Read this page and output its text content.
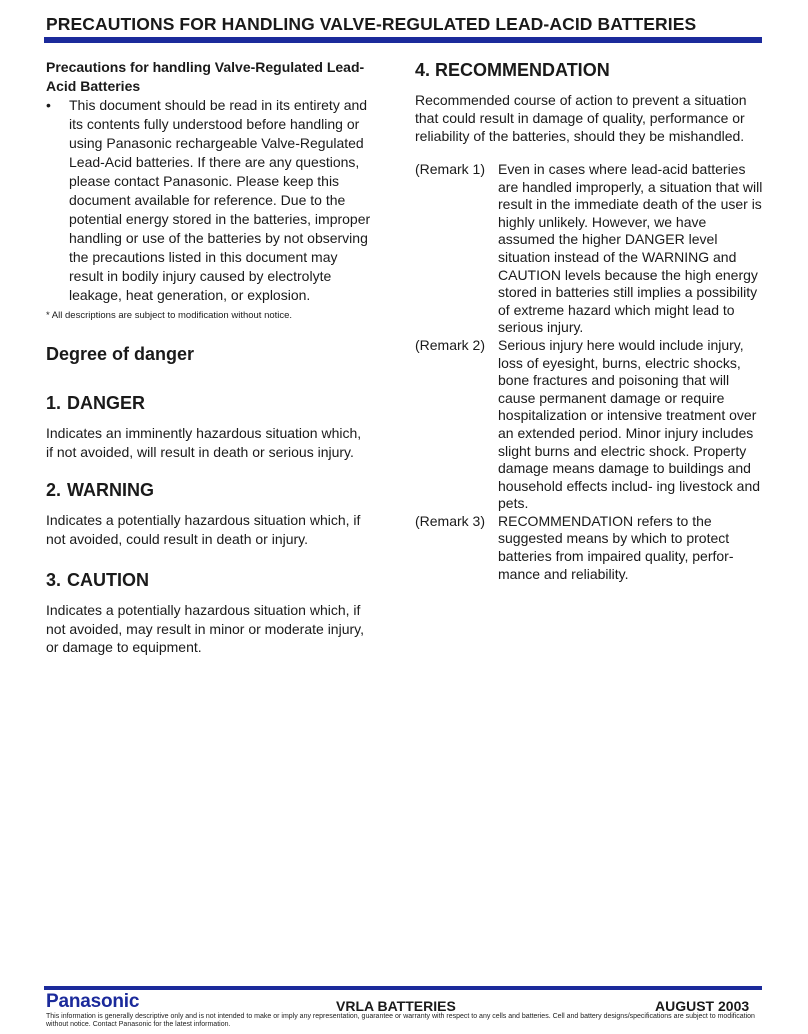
PRECAUTIONS FOR HANDLING VALVE-REGULATED LEAD-ACID BATTERIES

Precautions for handling Valve-Regulated Lead-Acid Batteries

•	This document should be read in its entirety and its contents fully understood before handling or using Panasonic rechargeable Valve-Regulated Lead-Acid batteries. If there are any questions, please contact Panasonic. Please keep this document available for reference. Due to the potential energy stored in the batteries, improper handling or use of the batteries by not observing the precautions listed in this document may result in bodily injury caused by electrolyte leakage, heat generation, or explosion.
* All descriptions are subject to modification without notice.
Degree of danger
1. DANGER

Indicates an imminently hazardous situation which, if not avoided, will result in death or serious injury.

2. WARNING

Indicates a potentially hazardous situation which, if not avoided, could result in death or injury.

3. CAUTION

Indicates a potentially hazardous situation which, if not avoided, may result in minor or moderate injury, or damage to equipment.

4. RECOMMENDATION

Recommended course of action to prevent a situation that could result in damage of quality, performance or reliability of the batteries, should they be mishandled.

(Remark 1) Even in cases where lead-acid batteries are handled improperly, a situation that will result in the immediate death of the user is highly unlikely. However, we have assumed the higher DANGER level situation instead of the WARNING and CAUTION levels because the high energy stored in batteries still implies a possibility of extreme hazard which might lead to serious injury.
(Remark 2) Serious injury here would include injury, loss of eyesight, burns, electric shocks, bone fractures and poisoning that will cause permanent damage or require hospitalization or intensive treatment over an extended period. Minor injury includes slight burns and electric shock. Property damage means damage to buildings and household effects includ- ing livestock and pets.
(Remark 3) RECOMMENDATION refers to the suggested means by which to protect batteries from impaired quality, perfor- mance and reliability.
Panasonic	VRLA BATTERIES	AUGUST 2003
This information is generally descriptive only and is not intended to make or imply any representation, guarantee or warranty with respect to any cells and batteries. Cell and battery designs/specifications are subject to modification without notice. Contact Panasonic for the latest information.
